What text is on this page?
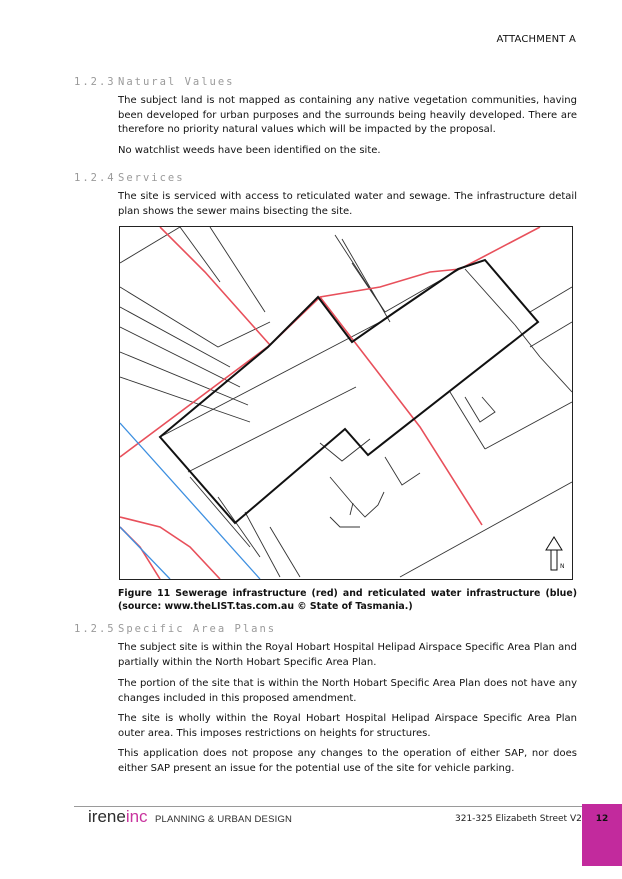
ATTACHMENT A
1.2.3 Natural Values

The subject land is not mapped as containing any native vegetation communities, having been developed for urban purposes and the surrounds being heavily developed. There are therefore no priority natural values which will be impacted by the proposal.

No watchlist weeds have been identified on the site.

1.2.4 Services

The site is serviced with access to reticulated water and sewage. The infrastructure detail plan shows the sewer mains bisecting the site.

N

Figure 11 Sewerage infrastructure (red) and reticulated water infrastructure (blue) (source: www.theLIST.tas.com.au © State of Tasmania.)

1.2.5 Specific Area Plans

The subject site is within the Royal Hobart Hospital Helipad Airspace Specific Area Plan and partially within the North Hobart Specific Area Plan.

The portion of the site that is within the North Hobart Specific Area Plan does not have any changes included in this proposed amendment.

The site is wholly within the Royal Hobart Hospital Helipad Airspace Specific Area Plan outer area. This imposes restrictions on heights for structures.

This application does not propose any changes to the operation of either SAP, nor does either SAP present an issue for the potential use of the site for vehicle parking.

ireneinc PLANNING & URBAN DESIGN	321-325 Elizabeth Street V2	12
